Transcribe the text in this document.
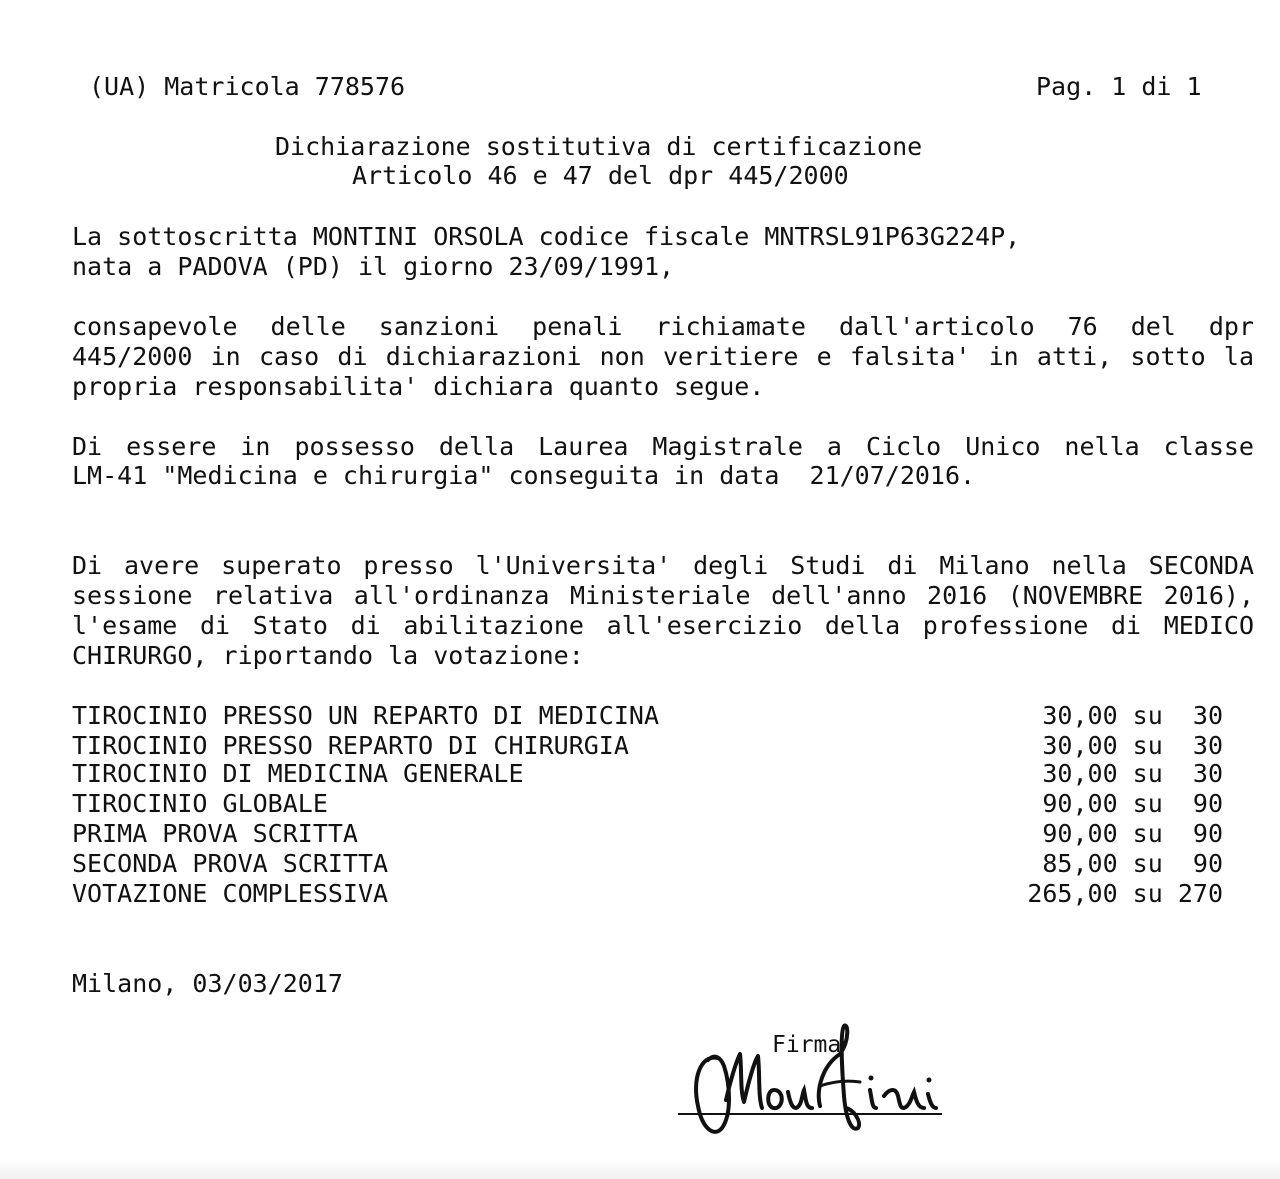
(UA) Matricola 778576	Pag. 1 di 1
Dichiarazione sostitutiva di certificazione
Articolo 46 e 47 del dpr 445/2000
La sottoscritta MONTINI ORSOLA codice fiscale MNTRSL91P63G224P,
nata a PADOVA (PD) il giorno 23/09/1991,
consapevole delle sanzioni penali richiamate dall'articolo 76 del dpr
445/2000 in caso di dichiarazioni non veritiere e falsita' in atti, sotto la
propria responsabilita' dichiara quanto segue.
Di essere in possesso della Laurea Magistrale a Ciclo Unico nella classe
LM-41 "Medicina e chirurgia" conseguita in data  21/07/2016.
Di avere superato presso l'Universita' degli Studi di Milano nella SECONDA
sessione relativa all'ordinanza Ministeriale dell'anno 2016 (NOVEMBRE 2016),
l'esame di Stato di abilitazione all'esercizio della professione di MEDICO
CHIRURGO, riportando la votazione:
TIROCINIO PRESSO UN REPARTO DI MEDICINA	30,00 su  30
TIROCINIO PRESSO REPARTO DI CHIRURGIA	30,00 su  30
TIROCINIO DI MEDICINA GENERALE	30,00 su  30
TIROCINIO GLOBALE	90,00 su  90
PRIMA PROVA SCRITTA	90,00 su  90
SECONDA PROVA SCRITTA	85,00 su  90
VOTAZIONE COMPLESSIVA	265,00 su 270
Milano, 03/03/2017
Firma
